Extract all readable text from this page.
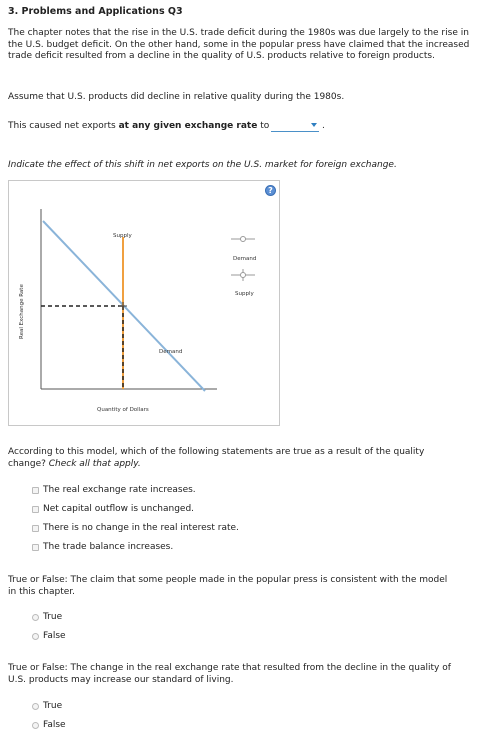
3. Problems and Applications Q3
The chapter notes that the rise in the U.S. trade deficit during the 1980s was due largely to the rise in the U.S. budget deficit. On the other hand, some in the popular press have claimed that the increased trade deficit resulted from a decline in the quality of U.S. products relative to foreign products.
Assume that U.S. products did decline in relative quality during the 1980s.
This caused net exports at any given exchange rate to	.
Indicate the effect of this shift in net exports on the U.S. market for foreign exchange.
Supply
Demand
Quantity of Dollars
Real Exchange Rate
Demand
Supply
?
According to this model, which of the following statements are true as a result of the quality change? Check all that apply.
The real exchange rate increases.
Net capital outflow is unchanged.
There is no change in the real interest rate.
The trade balance increases.
True or False: The claim that some people made in the popular press is consistent with the model in this chapter.
True
False
True or False: The change in the real exchange rate that resulted from the decline in the quality of U.S. products may increase our standard of living.
True
False
